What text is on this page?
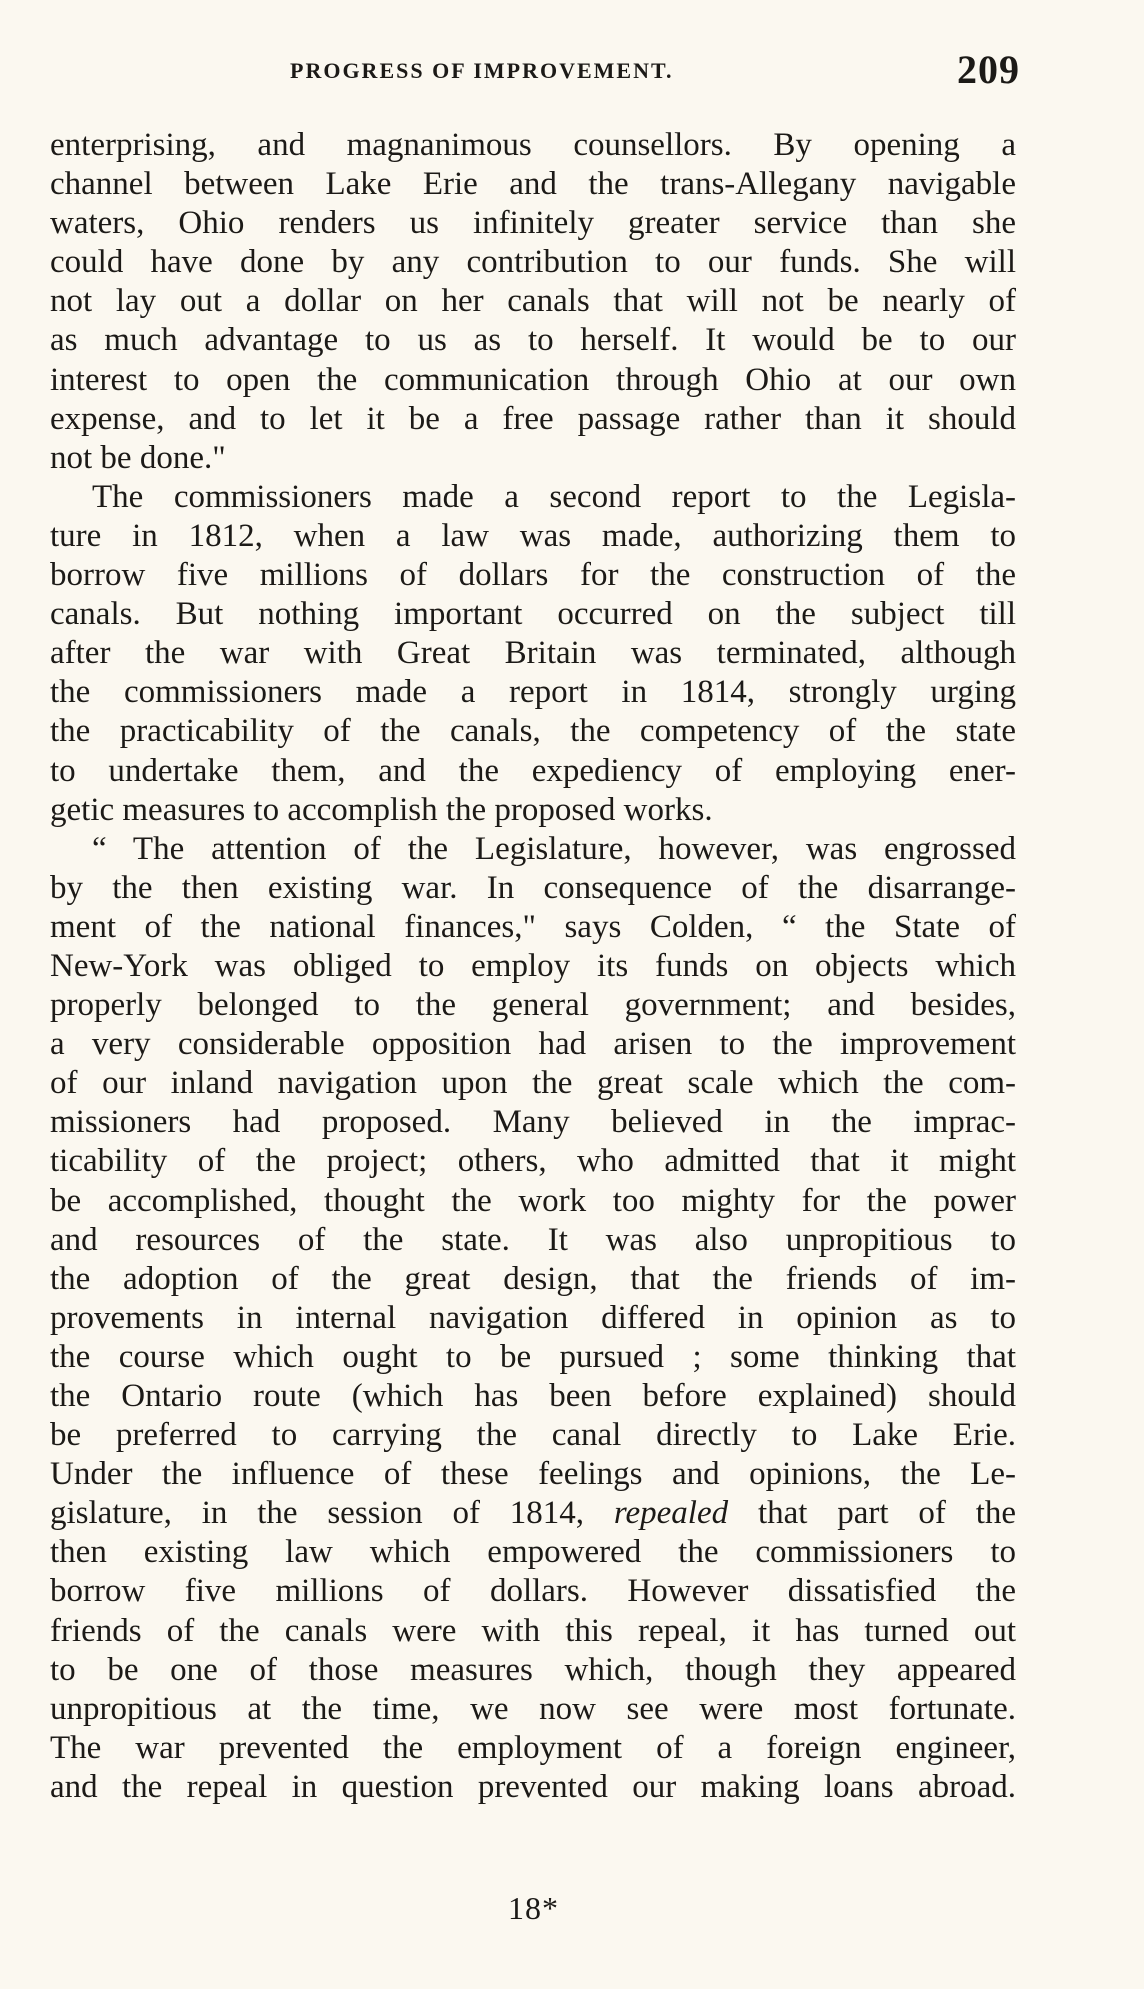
PROGRESS OF IMPROVEMENT.	209
enterprising, and magnanimous counsellors. By opening a
channel between Lake Erie and the trans-Allegany navigable
waters, Ohio renders us infinitely greater service than she
could have done by any contribution to our funds. She will
not lay out a dollar on her canals that will not be nearly of
as much advantage to us as to herself. It would be to our
interest to open the communication through Ohio at our own
expense, and to let it be a free passage rather than it should
not be done."
The commissioners made a second report to the Legisla-
ture in 1812, when a law was made, authorizing them to
borrow five millions of dollars for the construction of the
canals. But nothing important occurred on the subject till
after the war with Great Britain was terminated, although
the commissioners made a report in 1814, strongly urging
the practicability of the canals, the competency of the state
to undertake them, and the expediency of employing ener-
getic measures to accomplish the proposed works.
“ The attention of the Legislature, however, was engrossed
by the then existing war. In consequence of the disarrange-
ment of the national finances," says Colden, “ the State of
New-York was obliged to employ its funds on objects which
properly belonged to the general government; and besides,
a very considerable opposition had arisen to the improvement
of our inland navigation upon the great scale which the com-
missioners had proposed. Many believed in the imprac-
ticability of the project; others, who admitted that it might
be accomplished, thought the work too mighty for the power
and resources of the state. It was also unpropitious to
the adoption of the great design, that the friends of im-
provements in internal navigation differed in opinion as to
the course which ought to be pursued ; some thinking that
the Ontario route (which has been before explained) should
be preferred to carrying the canal directly to Lake Erie.
Under the influence of these feelings and opinions, the Le-
gislature, in the session of 1814, repealed that part of the
then existing law which empowered the commissioners to
borrow five millions of dollars. However dissatisfied the
friends of the canals were with this repeal, it has turned out
to be one of those measures which, though they appeared
unpropitious at the time, we now see were most fortunate.
The war prevented the employment of a foreign engineer,
and the repeal in question prevented our making loans abroad.
18*
